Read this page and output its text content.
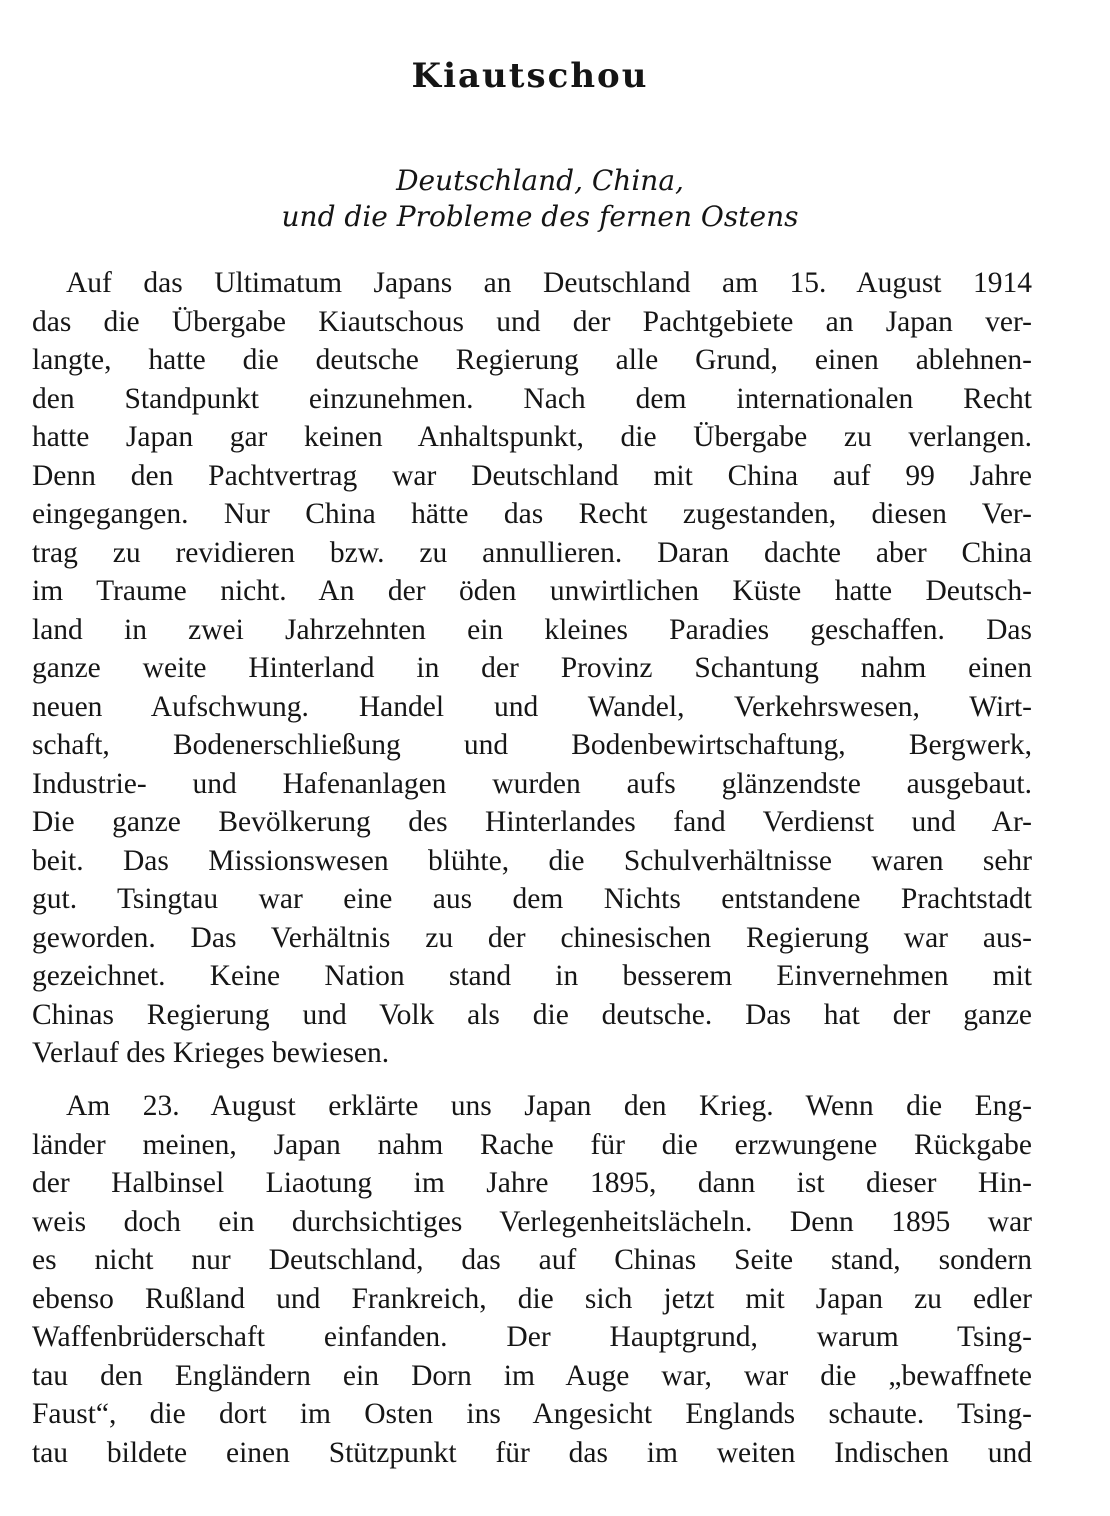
Kiautschou
Deutschland, China,
und die Probleme des fernen Ostens
Auf das Ultimatum Japans an Deutschland am 15. August 1914
das die Übergabe Kiautschous und der Pachtgebiete an Japan ver-
langte, hatte die deutsche Regierung alle Grund, einen ablehnen-
den Standpunkt einzunehmen. Nach dem internationalen Recht
hatte Japan gar keinen Anhaltspunkt, die Übergabe zu verlangen.
Denn den Pachtvertrag war Deutschland mit China auf 99 Jahre
eingegangen. Nur China hätte das Recht zugestanden, diesen Ver-
trag zu revidieren bzw. zu annullieren. Daran dachte aber China
im Traume nicht. An der öden unwirtlichen Küste hatte Deutsch-
land in zwei Jahrzehnten ein kleines Paradies geschaffen. Das
ganze weite Hinterland in der Provinz Schantung nahm einen
neuen Aufschwung. Handel und Wandel, Verkehrswesen, Wirt-
schaft, Bodenerschließung und Bodenbewirtschaftung, Bergwerk,
Industrie- und Hafenanlagen wurden aufs glänzendste ausgebaut.
Die ganze Bevölkerung des Hinterlandes fand Verdienst und Ar-
beit. Das Missionswesen blühte, die Schulverhältnisse waren sehr
gut. Tsingtau war eine aus dem Nichts entstandene Prachtstadt
geworden. Das Verhältnis zu der chinesischen Regierung war aus-
gezeichnet. Keine Nation stand in besserem Einvernehmen mit
Chinas Regierung und Volk als die deutsche. Das hat der ganze
Verlauf des Krieges bewiesen.
Am 23. August erklärte uns Japan den Krieg. Wenn die Eng-
länder meinen, Japan nahm Rache für die erzwungene Rückgabe
der Halbinsel Liaotung im Jahre 1895, dann ist dieser Hin-
weis doch ein durchsichtiges Verlegenheitslächeln. Denn 1895 war
es nicht nur Deutschland, das auf Chinas Seite stand, sondern
ebenso Rußland und Frankreich, die sich jetzt mit Japan zu edler
Waffenbrüderschaft einfanden. Der Hauptgrund, warum Tsing-
tau den Engländern ein Dorn im Auge war, war die „bewaffnete
Faust“, die dort im Osten ins Angesicht Englands schaute. Tsing-
tau bildete einen Stützpunkt für das im weiten Indischen und
